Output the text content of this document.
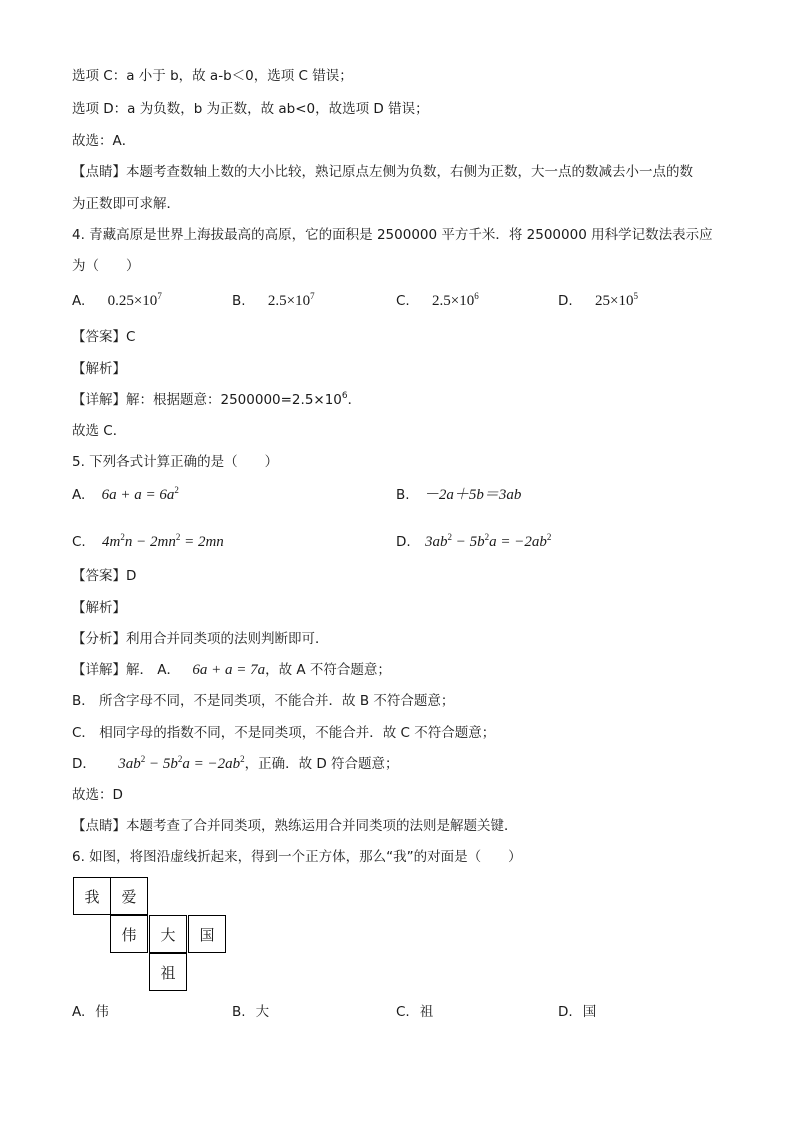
选项 C：a 小于 b，故 a-b＜0，选项 C 错误；
选项 D：a 为负数，b 为正数，故 ab<0，故选项 D 错误；
故选：A．
【点睛】本题考查数轴上数的大小比较，熟记原点左侧为负数，右侧为正数，大一点的数减去小一点的数
为正数即可求解．
4. 青藏高原是世界上海拔最高的高原，它的面积是 2500000 平方千米．将 2500000 用科学记数法表示应
为（　　）
A. $0.25\times 10^7$	B. $2.5\times 10^7$	C. $2.5\times 10^6$	D. $25\times 10^5$
【答案】C
【解析】
【详解】解：根据题意：$2500000=2.5\times 10^6$．
故选 C．
5. 下列各式计算正确的是（　　）
A. $6a + a = 6a^2$	B. －2a＋5b＝3ab
C. $4m^2n - 2mn^2 = 2mn$	D. $3ab^2 - 5b^2a = -2ab^2$
【答案】D
【解析】
【分析】利用合并同类项的法则判断即可．
【详解】解． A． 6a + a = 7a，故 A 不符合题意；
B． 所含字母不同，不是同类项，不能合并．故 B 不符合题意；
C． 相同字母的指数不同，不是同类项，不能合并．故 C 不符合题意；
D． $3ab^2 - 5b^2a = -2ab^2$，正确．故 D 符合题意；
故选：D
【点睛】本题考查了合并同类项，熟练运用合并同类项的法则是解题关键．
6. 如图，将图沿虚线折起来，得到一个正方体，那么“我”的对面是（　　）
我	爱
伟	大	国
祖
A. 伟	B. 大	C. 祖	D. 国
